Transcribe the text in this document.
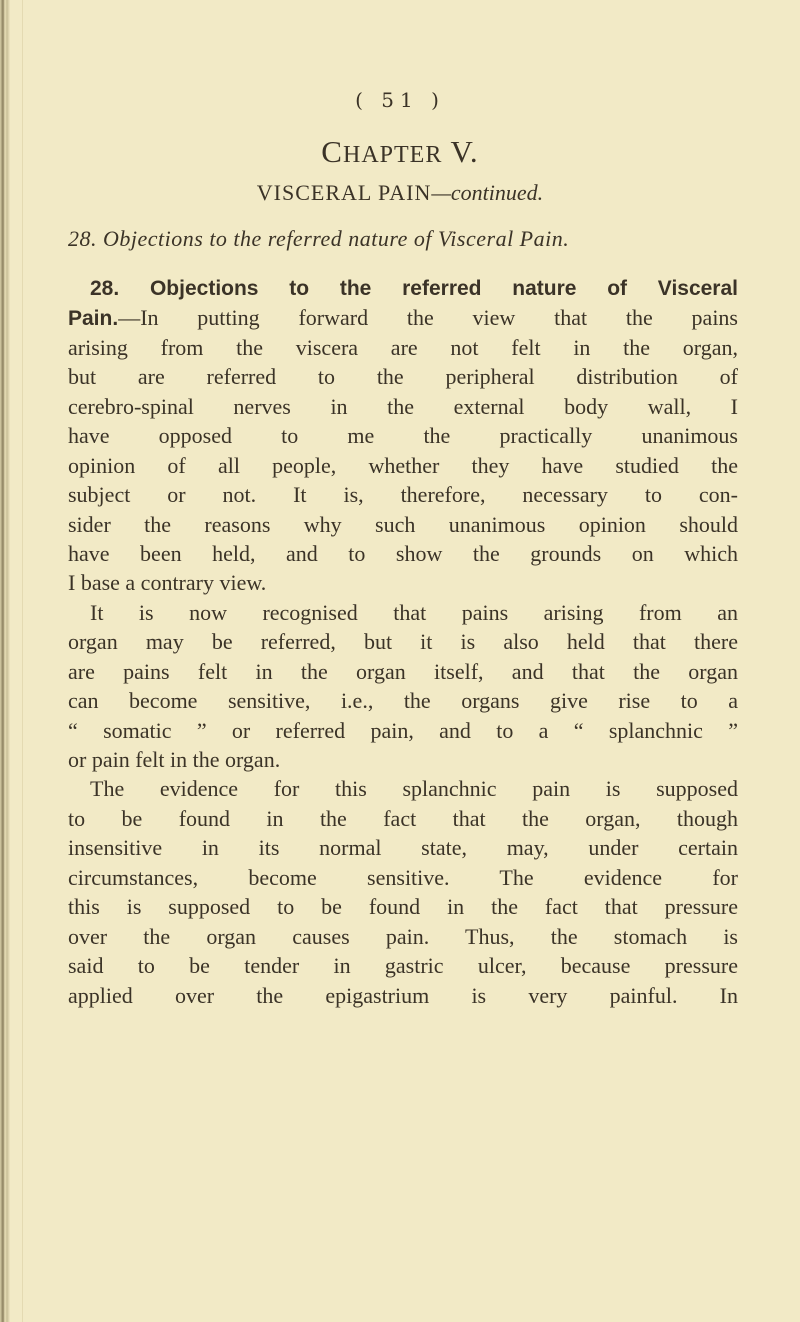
( 51 )
CHAPTER V.
VISCERAL PAIN—continued.
28. Objections to the referred nature of Visceral Pain.
28. Objections to the referred nature of Visceral
Pain.—In putting forward the view that the pains
arising from the viscera are not felt in the organ,
but are referred to the peripheral distribution of
cerebro-spinal nerves in the external body wall, I
have opposed to me the practically unanimous
opinion of all people, whether they have studied the
subject or not. It is, therefore, necessary to con-
sider the reasons why such unanimous opinion should
have been held, and to show the grounds on which
I base a contrary view.
It is now recognised that pains arising from an
organ may be referred, but it is also held that there
are pains felt in the organ itself, and that the organ
can become sensitive, i.e., the organs give rise to a
“ somatic ” or referred pain, and to a “ splanchnic ”
or pain felt in the organ.
The evidence for this splanchnic pain is supposed
to be found in the fact that the organ, though
insensitive in its normal state, may, under certain
circumstances, become sensitive. The evidence for
this is supposed to be found in the fact that pressure
over the organ causes pain. Thus, the stomach is
said to be tender in gastric ulcer, because pressure
applied over the epigastrium is very painful. In
